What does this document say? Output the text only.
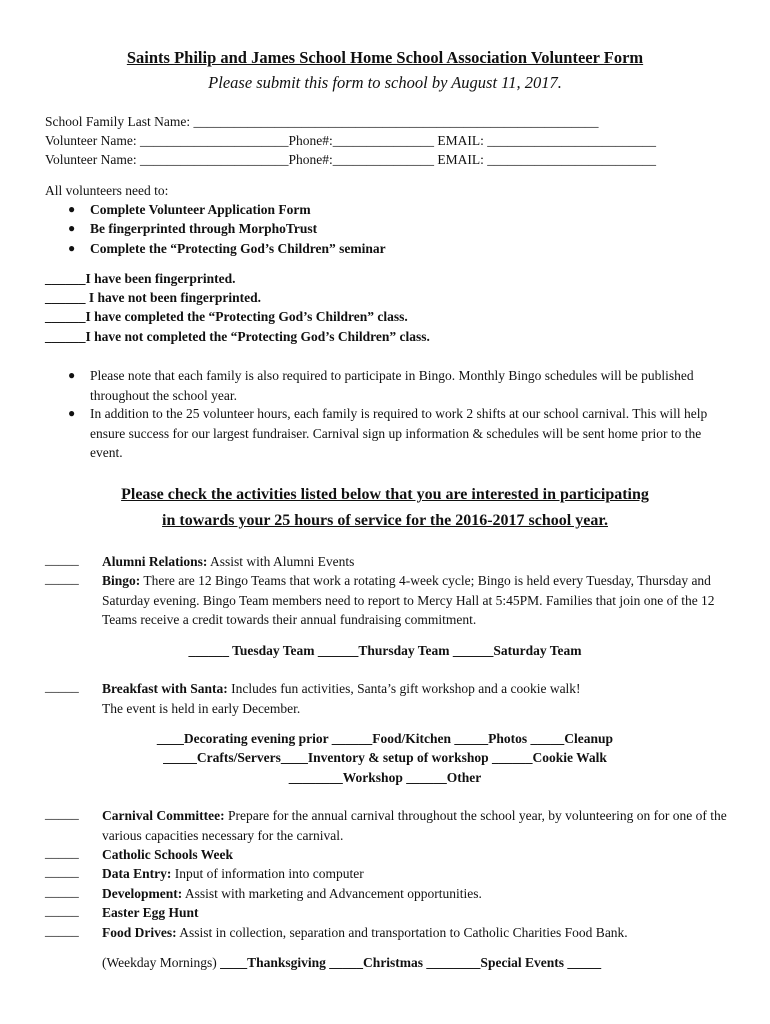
Saints Philip and James School Home School Association Volunteer Form
Please submit this form to school by August 11, 2017.
School Family Last Name: ____________________________________________________________
Volunteer Name: ______________________Phone#:_______________ EMAIL: _________________________
Volunteer Name: ______________________Phone#:_______________ EMAIL: _________________________
All volunteers need to:
● Complete Volunteer Application Form
● Be fingerprinted through MorphoTrust
● Complete the “Protecting God’s Children” seminar
______I have been fingerprinted.
______ I have not been fingerprinted.
______I have completed the “Protecting God’s Children” class.
______I have not completed the “Protecting God’s Children” class.
● Please note that each family is also required to participate in Bingo. Monthly Bingo schedules will be published throughout the school year.
● In addition to the 25 volunteer hours, each family is required to work 2 shifts at our school carnival. This will help ensure success for our largest fundraiser. Carnival sign up information & schedules will be sent home prior to the event.
Please check the activities listed below that you are interested in participating
in towards your 25 hours of service for the 2016-2017 school year.
_____ Alumni Relations: Assist with Alumni Events
_____ Bingo: There are 12 Bingo Teams that work a rotating 4-week cycle; Bingo is held every Tuesday, Thursday and Saturday evening. Bingo Team members need to report to Mercy Hall at 5:45PM. Families that join one of the 12 Teams receive a credit towards their annual fundraising commitment.
______ Tuesday Team ______Thursday Team ______Saturday Team
_____ Breakfast with Santa: Includes fun activities, Santa’s gift workshop and a cookie walk!
The event is held in early December.
____Decorating evening prior ______Food/Kitchen _____Photos _____Cleanup
_____Crafts/Servers____Inventory & setup of workshop ______Cookie Walk
________Workshop ______Other
_____ Carnival Committee: Prepare for the annual carnival throughout the school year, by volunteering on for one of the various capacities necessary for the carnival.
_____ Catholic Schools Week
_____ Data Entry: Input of information into computer
_____ Development: Assist with marketing and Advancement opportunities.
_____ Easter Egg Hunt
_____ Food Drives: Assist in collection, separation and transportation to Catholic Charities Food Bank.
(Weekday Mornings) ____Thanksgiving _____Christmas ________Special Events _____
